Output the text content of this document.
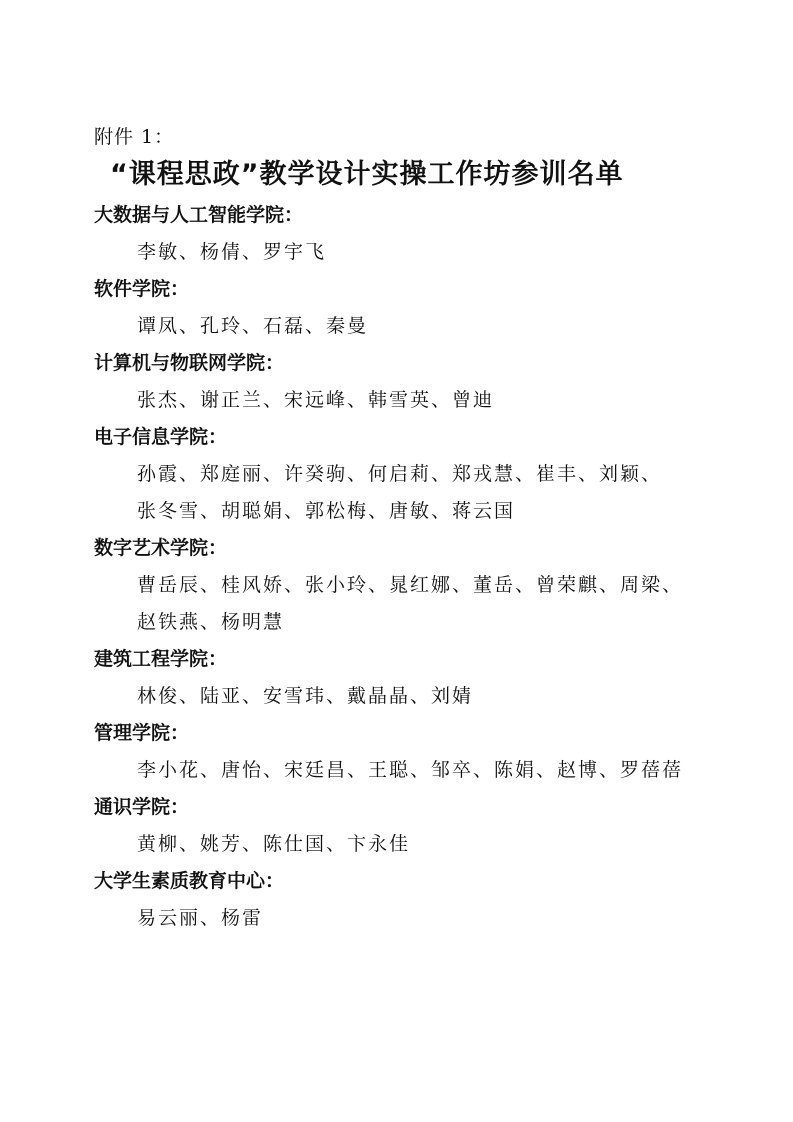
附件 1：
“课程思政”教学设计实操工作坊参训名单
大数据与人工智能学院：
李敏、杨倩、罗宇飞
软件学院：
谭凤、孔玲、石磊、秦曼
计算机与物联网学院：
张杰、谢正兰、宋远峰、韩雪英、曾迪
电子信息学院：
孙霞、郑庭丽、许癸驹、何启莉、郑戎慧、崔丰、刘颖、
张冬雪、胡聪娟、郭松梅、唐敏、蒋云国
数字艺术学院：
曹岳辰、桂风娇、张小玲、晁红娜、董岳、曾荣麒、周梁、
赵铁燕、杨明慧
建筑工程学院：
林俊、陆亚、安雪玮、戴晶晶、刘婧
管理学院：
李小花、唐怡、宋廷昌、王聪、邹卒、陈娟、赵博、罗蓓蓓
通识学院：
黄柳、姚芳、陈仕国、卞永佳
大学生素质教育中心：
易云丽、杨雷
